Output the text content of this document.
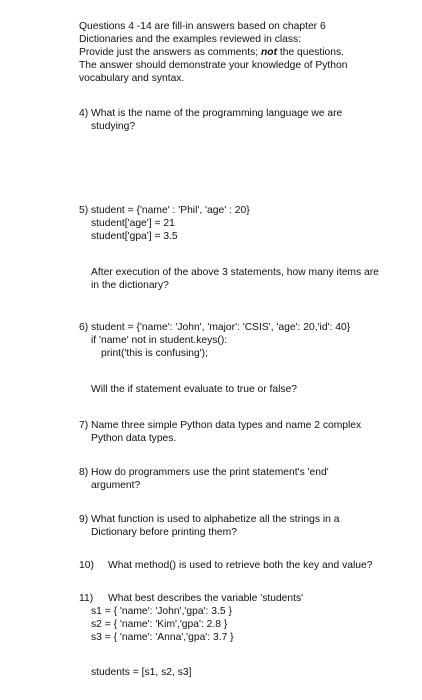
Questions 4 -14 are fill-in answers based on chapter 6
Dictionaries and the examples reviewed in class:
Provide just the answers as comments; not the questions.
The answer should demonstrate your knowledge of Python
vocabulary and syntax.
4) What is the name of the programming language we are
studying?
5) student = {'name' : 'Phil', 'age' : 20}
student['age'] = 21
student['gpa'] = 3.5
After execution of the above 3 statements, how many items are
in the dictionary?
6) student = {'name': 'John', 'major': 'CSIS', 'age': 20,'id': 40}
if 'name' not in student.keys():
print('this is confusing');
Will the if statement evaluate to true or false?
7) Name three simple Python data types and name 2 complex
Python data types.
8) How do programmers use the print statement's 'end'
argument?
9) What function is used to alphabetize all the strings in a
Dictionary before printing them?
10) What method() is used to retrieve both the key and value?
11) What best describes the variable 'students'
s1 = { 'name': 'John','gpa': 3.5 }
s2 = { 'name': 'Kim','gpa': 2.8 }
s3 = { 'name': 'Anna','gpa': 3.7 }
students = [s1, s2, s3]
